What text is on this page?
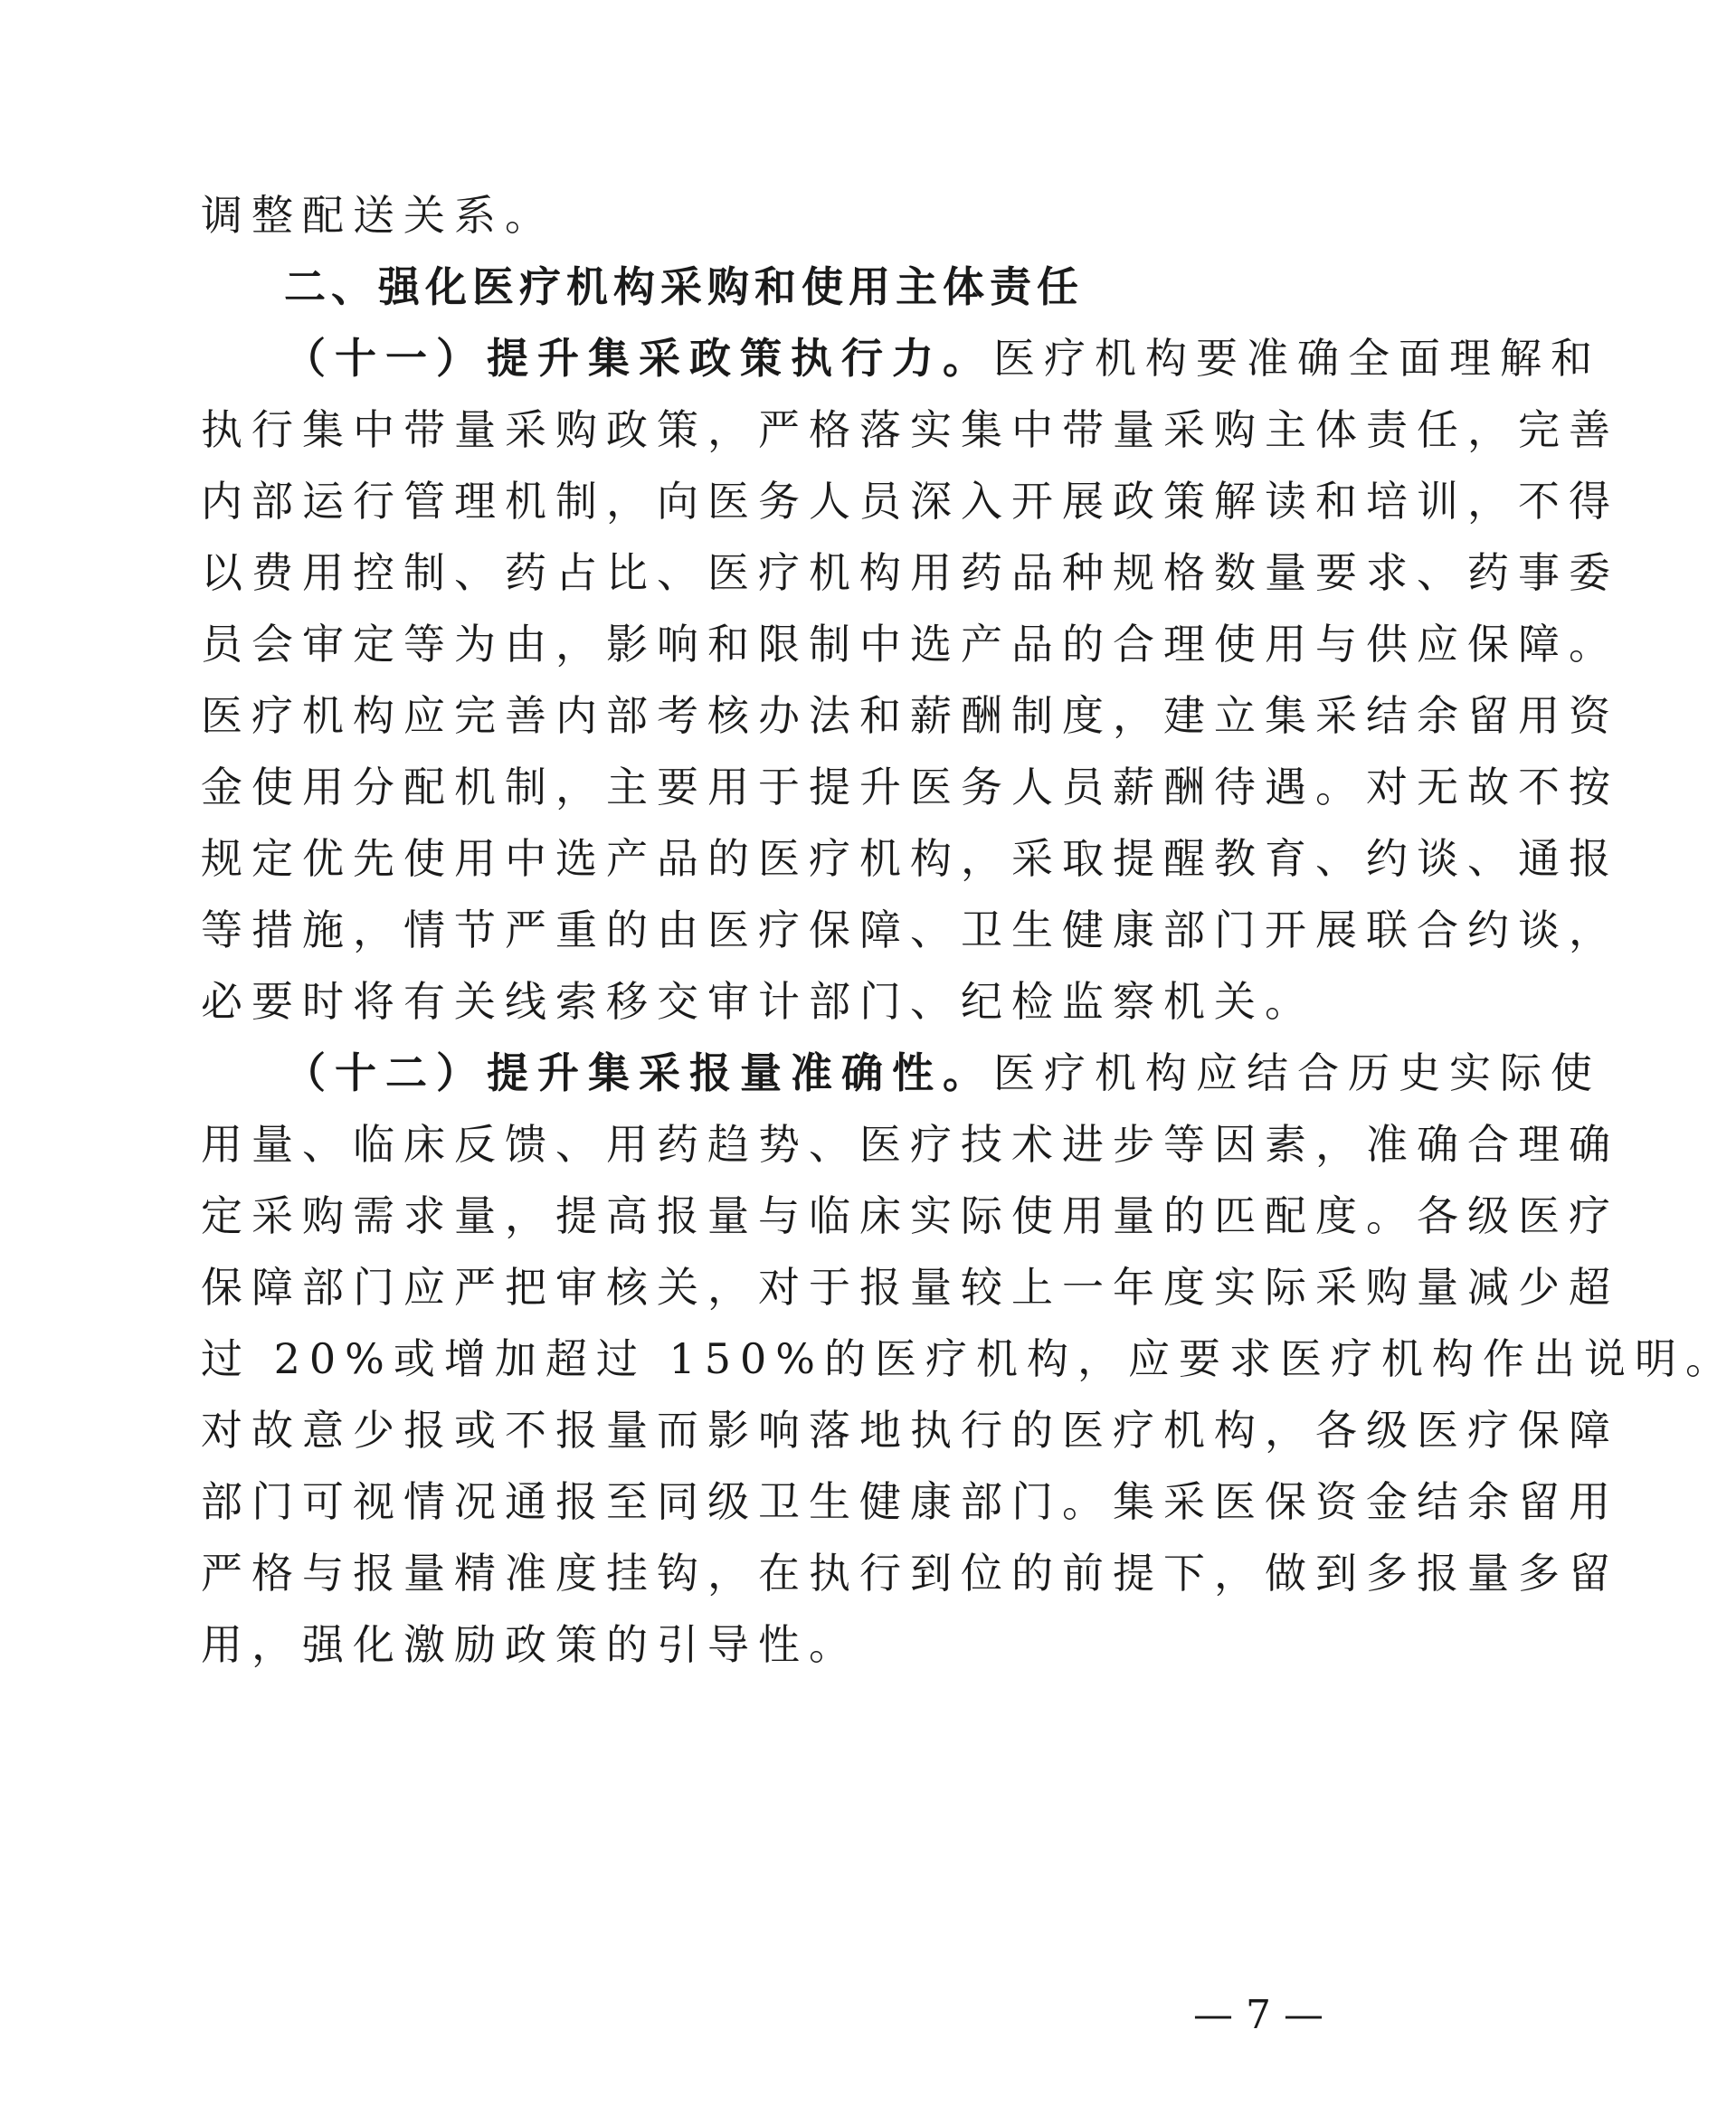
调整配送关系。
二、强化医疗机构采购和使用主体责任
（十一）提升集采政策执行力。医疗机构要准确全面理解和
执行集中带量采购政策，严格落实集中带量采购主体责任，完善
内部运行管理机制，向医务人员深入开展政策解读和培训，不得
以费用控制、药占比、医疗机构用药品种规格数量要求、药事委
员会审定等为由，影响和限制中选产品的合理使用与供应保障。
医疗机构应完善内部考核办法和薪酬制度，建立集采结余留用资
金使用分配机制，主要用于提升医务人员薪酬待遇。对无故不按
规定优先使用中选产品的医疗机构，采取提醒教育、约谈、通报
等措施，情节严重的由医疗保障、卫生健康部门开展联合约谈，
必要时将有关线索移交审计部门、纪检监察机关。
（十二）提升集采报量准确性。医疗机构应结合历史实际使
用量、临床反馈、用药趋势、医疗技术进步等因素，准确合理确
定采购需求量，提高报量与临床实际使用量的匹配度。各级医疗
保障部门应严把审核关，对于报量较上一年度实际采购量减少超
过 20%或增加超过 150%的医疗机构，应要求医疗机构作出说明。
对故意少报或不报量而影响落地执行的医疗机构，各级医疗保障
部门可视情况通报至同级卫生健康部门。集采医保资金结余留用
严格与报量精准度挂钩，在执行到位的前提下，做到多报量多留
用，强化激励政策的引导性。
— 7 —
